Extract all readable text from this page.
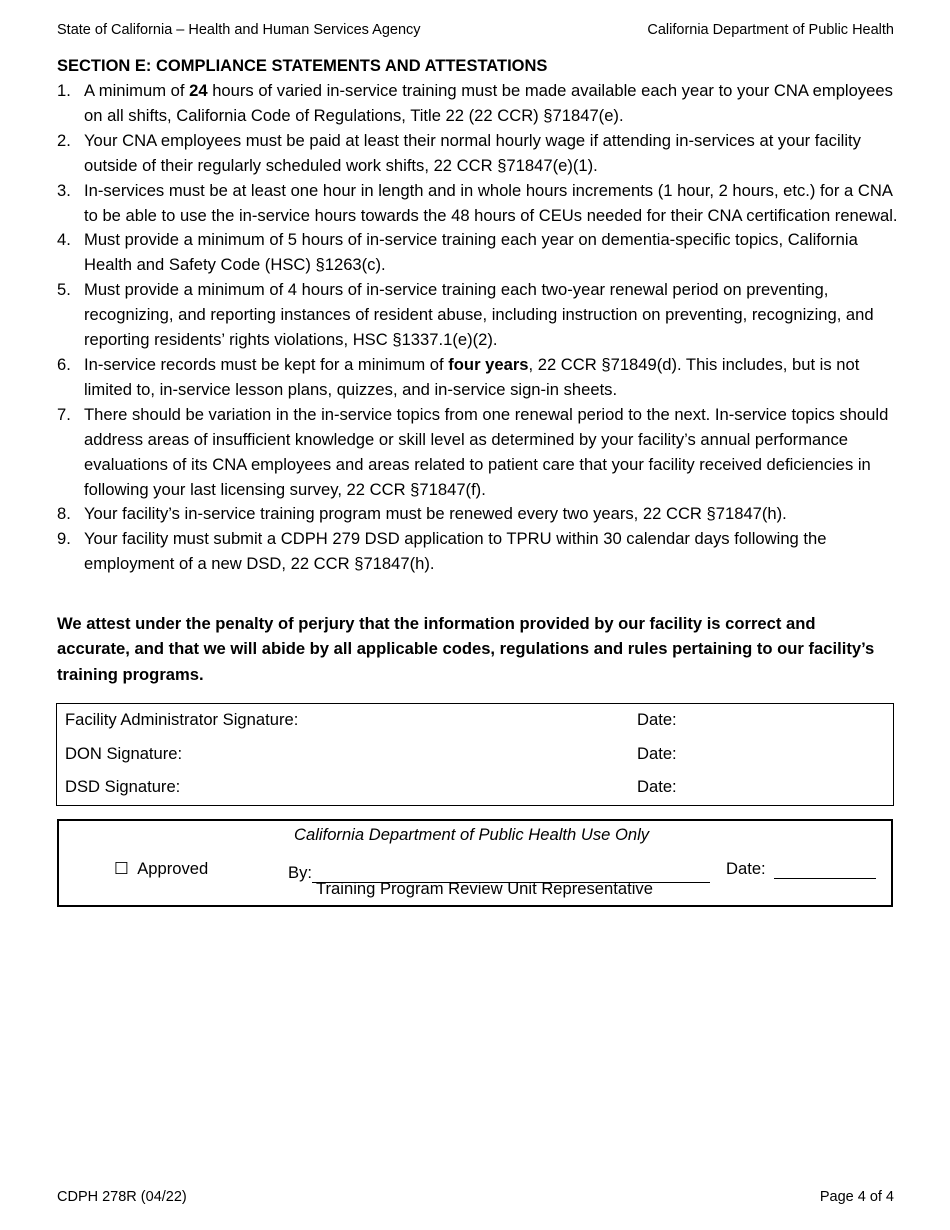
State of California – Health and Human Services Agency	California Department of Public Health
SECTION E: COMPLIANCE STATEMENTS AND ATTESTATIONS
1. A minimum of 24 hours of varied in-service training must be made available each year to your CNA employees on all shifts, California Code of Regulations, Title 22 (22 CCR) §71847(e).
2. Your CNA employees must be paid at least their normal hourly wage if attending in-services at your facility outside of their regularly scheduled work shifts, 22 CCR §71847(e)(1).
3. In-services must be at least one hour in length and in whole hours increments (1 hour, 2 hours, etc.) for a CNA to be able to use the in-service hours towards the 48 hours of CEUs needed for their CNA certification renewal.
4. Must provide a minimum of 5 hours of in-service training each year on dementia-specific topics, California Health and Safety Code (HSC) §1263(c).
5. Must provide a minimum of 4 hours of in-service training each two-year renewal period on preventing, recognizing, and reporting instances of resident abuse, including instruction on preventing, recognizing, and reporting residents’ rights violations, HSC §1337.1(e)(2).
6. In-service records must be kept for a minimum of four years, 22 CCR §71849(d). This includes, but is not limited to, in-service lesson plans, quizzes, and in-service sign-in sheets.
7. There should be variation in the in-service topics from one renewal period to the next. In-service topics should address areas of insufficient knowledge or skill level as determined by your facility’s annual performance evaluations of its CNA employees and areas related to patient care that your facility received deficiencies in following your last licensing survey, 22 CCR §71847(f).
8. Your facility’s in-service training program must be renewed every two years, 22 CCR §71847(h).
9. Your facility must submit a CDPH 279 DSD application to TPRU within 30 calendar days following the employment of a new DSD, 22 CCR §71847(h).
We attest under the penalty of perjury that the information provided by our facility is correct and accurate, and that we will abide by all applicable codes, regulations and rules pertaining to our facility’s training programs.
Facility Administrator Signature:	Date:
DON Signature:	Date:
DSD Signature:	Date:
California Department of Public Health Use Only
☐ Approved	By:
Training Program Review Unit Representative
Date:
CDPH 278R (04/22)	Page 4 of 4
